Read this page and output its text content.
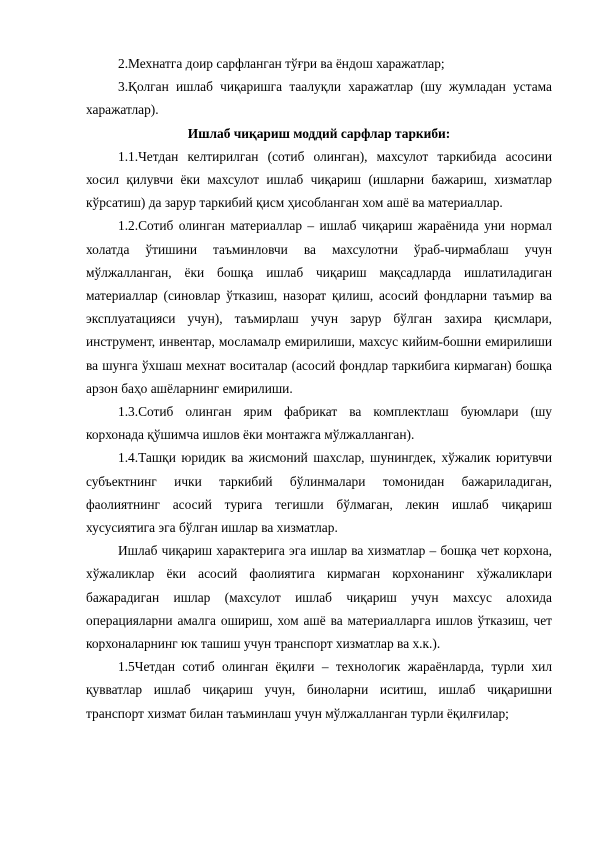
2.Мехнатга доир сарфланган тўғри ва ёндош харажатлар;

3.Қолган ишлаб чиқаришга таалуқли харажатлар (шу жумладан устама харажатлар).

Ишлаб чиқариш моддий сарфлар таркиби:

1.1.Четдан келтирилган (сотиб олинган), махсулот таркибида асосини хосил қилувчи ёки махсулот ишлаб чиқариш (ишларни бажариш, хизматлар кўрсатиш) да зарур таркибий қисм ҳисобланган хом ашё ва материаллар.

1.2.Сотиб олинган материаллар – ишлаб чиқариш жараёнида уни нормал холатда ўтишини таъминловчи ва махсулотни ўраб-чирмаблаш учун мўлжалланган, ёки бошқа ишлаб чиқариш мақсадларда ишлатиладиган материаллар (синовлар ўтказиш, назорат қилиш, асосий фондларни таъмир ва эксплуатацияси учун), таъмирлаш учун зарур бўлган захира қисмлари, инструмент, инвентар, мосламалр емирилиши, махсус кийим-бошни емирилиши ва шунга ўхшаш мехнат воситалар (асосий фондлар таркибига кирмаган) бошқа арзон баҳо ашёларнинг емирилиши.

1.3.Сотиб олинган ярим фабрикат ва комплектлаш буюмлари (шу корхонада қўшимча ишлов ёки монтажга мўлжалланган).

1.4.Ташқи юридик ва жисмоний шахслар, шунингдек, хўжалик юритувчи субъектнинг ички таркибий бўлинмалари томонидан бажариладиган, фаолиятнинг асосий турига тегишли бўлмаган, лекин ишлаб чиқариш хусусиятига эга бўлган ишлар ва хизматлар.

Ишлаб чиқариш характерига эга ишлар ва хизматлар – бошқа чет корхона, хўжаликлар ёки асосий фаолиятига кирмаган корхонанинг хўжаликлари бажарадиган ишлар (махсулот ишлаб чиқариш учун махсус алохида операцияларни амалга ошириш, хом ашё ва материалларга ишлов ўтказиш, чет корхоналарнинг юк ташиш учун транспорт хизматлар ва х.к.).

1.5Четдан сотиб олинган ёқилғи – технологик жараёнларда, турли хил қувватлар ишлаб чиқариш учун, биноларни иситиш, ишлаб чиқаришни транспорт хизмат билан таъминлаш учун мўлжалланган турли ёқилғилар;
